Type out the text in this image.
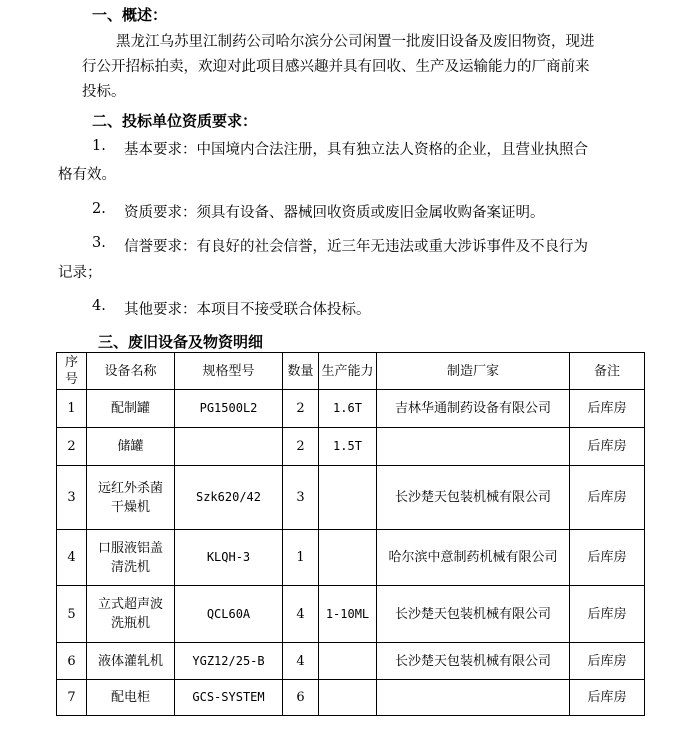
一、概述：
黑龙江乌苏里江制药公司哈尔滨分公司闲置一批废旧设备及废旧物资，现进
行公开招标拍卖，欢迎对此项目感兴趣并具有回收、生产及运输能力的厂商前来
投标。
二、投标单位资质要求：
1. 基本要求：中国境内合法注册，具有独立法人资格的企业，且营业执照合
格有效。
2. 资质要求：须具有设备、器械回收资质或废旧金属收购备案证明。
3. 信誉要求：有良好的社会信誉，近三年无违法或重大涉诉事件及不良行为
记录；
4. 其他要求：本项目不接受联合体投标。
三、废旧设备及物资明细
序号	设备名称	规格型号	数量	生产能力	制造厂家	备注
1	配制罐	PG1500L2	2	1.6T	吉林华通制药设备有限公司	后库房
2	储罐		2	1.5T		后库房
3	远红外杀菌干燥机	Szk620/42	3		长沙楚天包装机械有限公司	后库房
4	口服液铝盖清洗机	KLQH-3	1		哈尔滨中意制药机械有限公司	后库房
5	立式超声波洗瓶机	QCL60A	4	1-10ML	长沙楚天包装机械有限公司	后库房
6	液体灌轧机	YGZ12/25-B	4		长沙楚天包装机械有限公司	后库房
7	配电柜	GCS-SYSTEM	6			后库房
